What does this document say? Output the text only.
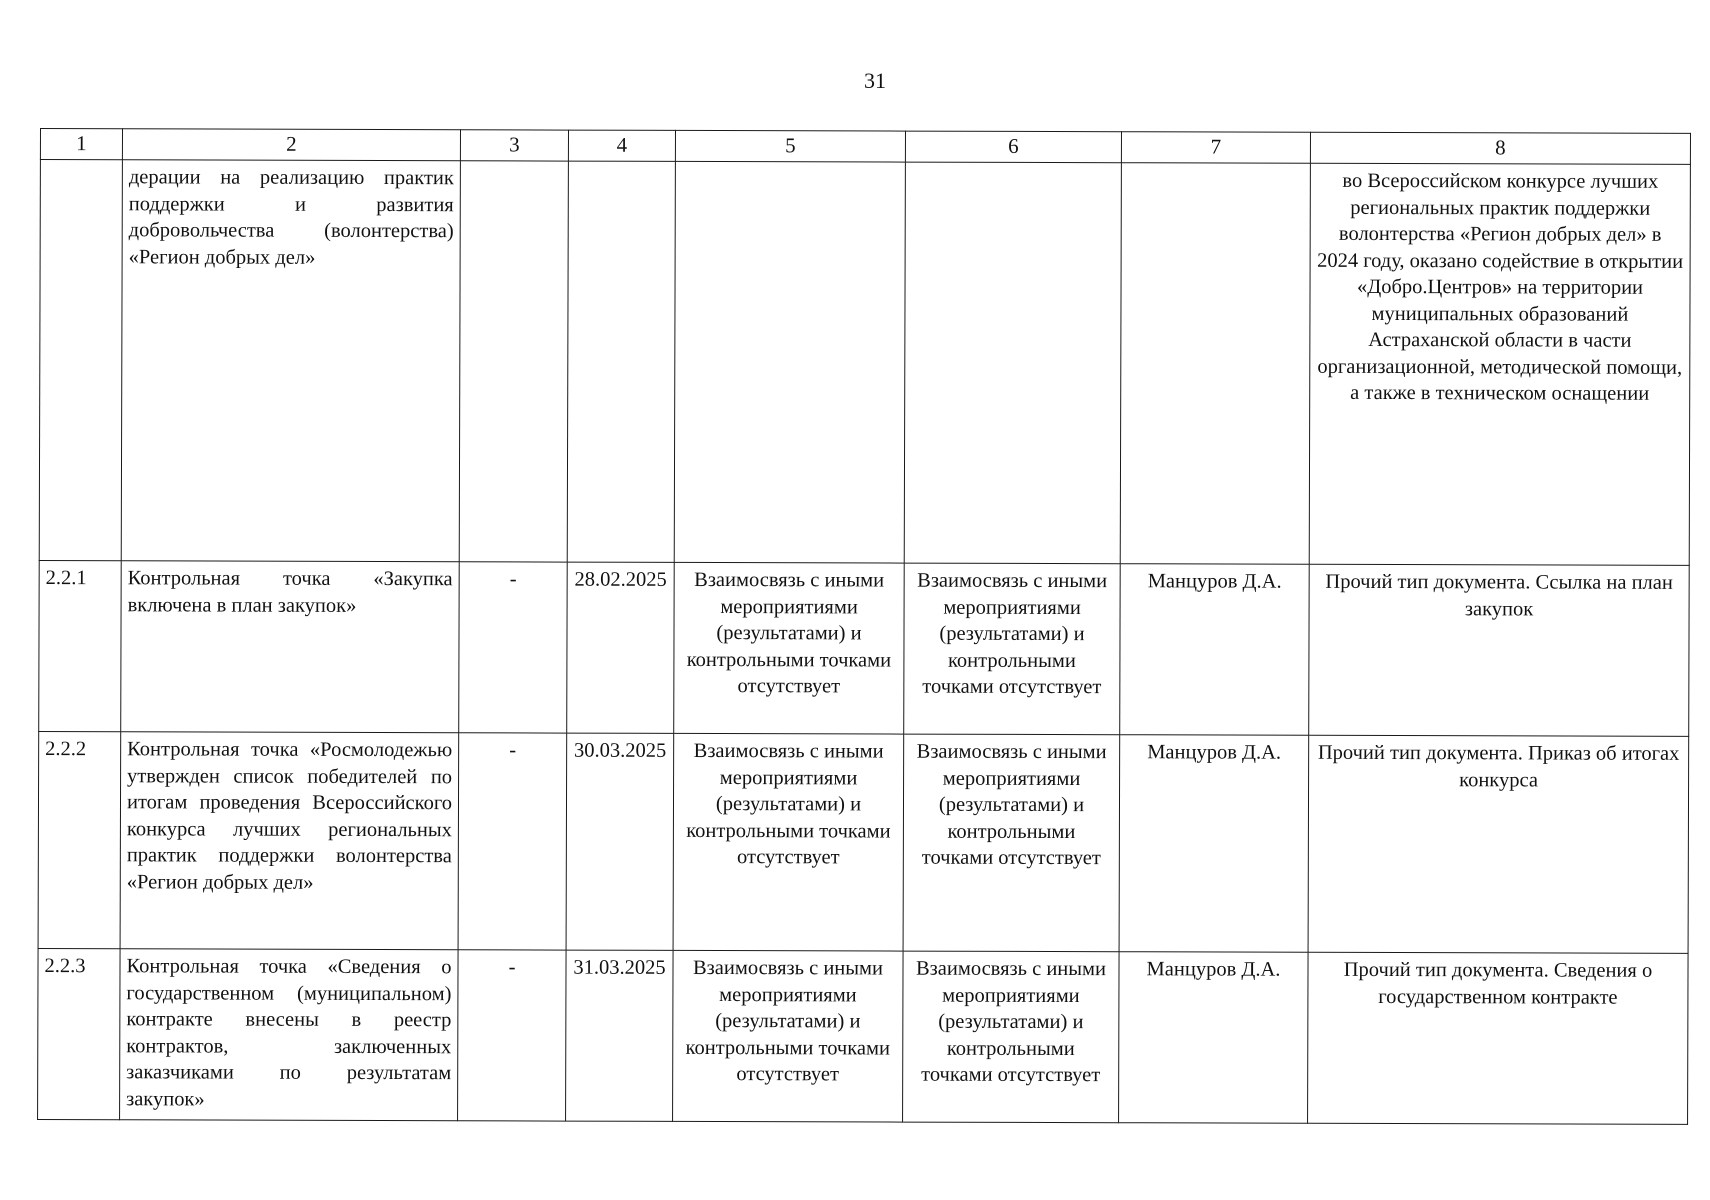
31
1	2	3	4	5	6	7	8
	дерации на реализацию практик поддержки и развития добровольчества (волонтерства) «Регион добрых дел»						во Всероссийском конкурсе лучших региональных практик поддержки волонтерства «Регион добрых дел» в 2024 году, оказано содействие в открытии «Добро.Центров» на территории муниципальных образований Астраханской области в части организационной, методической помощи, а также в техническом оснащении
2.2.1	Контрольная точка «Закупка включена в план закупок»	-	28.02.2025	Взаимосвязь с иными мероприятиями (результатами) и контрольными точками отсутствует	Взаимосвязь с иными мероприятиями (результатами) и контрольными точками отсутствует	Манцуров Д.А.	Прочий тип документа. Ссылка на план закупок
2.2.2	Контрольная точка «Росмолодежью утвержден список победителей по итогам проведения Всероссийского конкурса лучших региональных практик поддержки волонтерства «Регион добрых дел»	-	30.03.2025	Взаимосвязь с иными мероприятиями (результатами) и контрольными точками отсутствует	Взаимосвязь с иными мероприятиями (результатами) и контрольными точками отсутствует	Манцуров Д.А.	Прочий тип документа. Приказ об итогах конкурса
2.2.3	Контрольная точка «Сведения о государственном (муниципальном) контракте внесены в реестр контрактов, заключенных заказчиками по результатам закупок»	-	31.03.2025	Взаимосвязь с иными мероприятиями (результатами) и контрольными точками отсутствует	Взаимосвязь с иными мероприятиями (результатами) и контрольными точками отсутствует	Манцуров Д.А.	Прочий тип документа. Сведения о государственном контракте
